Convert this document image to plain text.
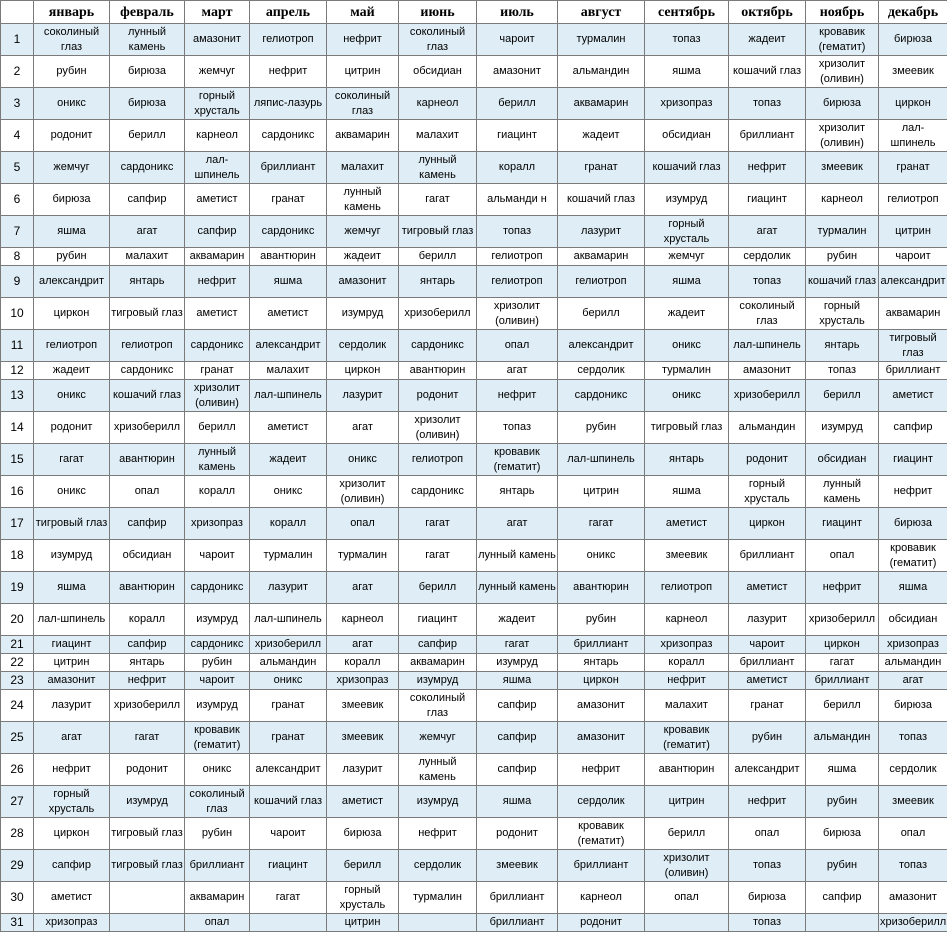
	январь	февраль	март	апрель	май	июнь	июль	август	сентябрь	октябрь	ноябрь	декабрь
1	соколиный глаз	лунный камень	амазонит	гелиотроп	нефрит	соколиный глаз	чароит	турмалин	топаз	жадеит	кровавик (гематит)	бирюза
2	рубин	бирюза	жемчуг	нефрит	цитрин	обсидиан	амазонит	альмандин	яшма	кошачий глаз	хризолит (оливин)	змеевик
3	оникс	бирюза	горный хрусталь	ляпис-лазурь	соколиный глаз	карнеол	берилл	аквамарин	хризопраз	топаз	бирюза	циркон
4	родонит	берилл	карнеол	сардоникс	аквамарин	малахит	гиацинт	жадеит	обсидиан	бриллиант	хризолит (оливин)	лал-шпинель
5	жемчуг	сардоникс	лал-шпинель	бриллиант	малахит	лунный камень	коралл	гранат	кошачий глаз	нефрит	змеевик	гранат
6	бирюза	сапфир	аметист	гранат	лунный камень	гагат	альманди н	кошачий глаз	изумруд	гиацинт	карнеол	гелиотроп
7	яшма	агат	сапфир	сардоникс	жемчуг	тигровый глаз	топаз	лазурит	горный хрусталь	агат	турмалин	цитрин
8	рубин	малахит	аквамарин	авантюрин	жадеит	берилл	гелиотроп	аквамарин	жемчуг	сердолик	рубин	чароит
9	александрит	янтарь	нефрит	яшма	амазонит	янтарь	гелиотроп	гелиотроп	яшма	топаз	кошачий глаз	александрит
10	циркон	тигровый глаз	аметист	аметист	изумруд	хризоберилл	хризолит (оливин)	берилл	жадеит	соколиный глаз	горный хрусталь	аквамарин
11	гелиотроп	гелиотроп	сардоникс	александрит	сердолик	сардоникс	опал	александрит	оникс	лал-шпинель	янтарь	тигровый глаз
12	жадеит	сардоникс	гранат	малахит	циркон	авантюрин	агат	сердолик	турмалин	амазонит	топаз	бриллиант
13	оникс	кошачий глаз	хризолит (оливин)	лал-шпинель	лазурит	родонит	нефрит	сардоникс	оникс	хризоберилл	берилл	аметист
14	родонит	хризоберилл	берилл	аметист	агат	хризолит (оливин)	топаз	рубин	тигровый глаз	альмандин	изумруд	сапфир
15	гагат	авантюрин	лунный камень	жадеит	оникс	гелиотроп	кровавик (гематит)	лал-шпинель	янтарь	родонит	обсидиан	гиацинт
16	оникс	опал	коралл	оникс	хризолит (оливин)	сардоникс	янтарь	цитрин	яшма	горный хрусталь	лунный камень	нефрит
17	тигровый глаз	сапфир	хризопраз	коралл	опал	гагат	агат	гагат	аметист	циркон	гиацинт	бирюза
18	изумруд	обсидиан	чароит	турмалин	турмалин	гагат	лунный камень	оникс	змеевик	бриллиант	опал	кровавик (гематит)
19	яшма	авантюрин	сардоникс	лазурит	агат	берилл	лунный камень	авантюрин	гелиотроп	аметист	нефрит	яшма
20	лал-шпинель	коралл	изумруд	лал-шпинель	карнеол	гиацинт	жадеит	рубин	карнеол	лазурит	хризоберилл	обсидиан
21	гиацинт	сапфир	сардоникс	хризоберилл	агат	сапфир	гагат	бриллиант	хризопраз	чароит	циркон	хризопраз
22	цитрин	янтарь	рубин	альмандин	коралл	аквамарин	изумруд	янтарь	коралл	бриллиант	гагат	альмандин
23	амазонит	нефрит	чароит	оникс	хризопраз	изумруд	яшма	циркон	нефрит	аметист	бриллиант	агат
24	лазурит	хризоберилл	изумруд	гранат	змеевик	соколиный глаз	сапфир	амазонит	малахит	гранат	берилл	бирюза
25	агат	гагат	кровавик (гематит)	гранат	змеевик	жемчуг	сапфир	амазонит	кровавик (гематит)	рубин	альмандин	топаз
26	нефрит	родонит	оникс	александрит	лазурит	лунный камень	сапфир	нефрит	авантюрин	александрит	яшма	сердолик
27	горный хрусталь	изумруд	соколиный глаз	кошачий глаз	аметист	изумруд	яшма	сердолик	цитрин	нефрит	рубин	змеевик
28	циркон	тигровый глаз	рубин	чароит	бирюза	нефрит	родонит	кровавик (гематит)	берилл	опал	бирюза	опал
29	сапфир	тигровый глаз	бриллиант	гиацинт	берилл	сердолик	змеевик	бриллиант	хризолит (оливин)	топаз	рубин	топаз
30	аметист		аквамарин	гагат	горный хрусталь	турмалин	бриллиант	карнеол	опал	бирюза	сапфир	амазонит
31	хризопраз		опал		цитрин		бриллиант	родонит		топаз		хризоберилл
